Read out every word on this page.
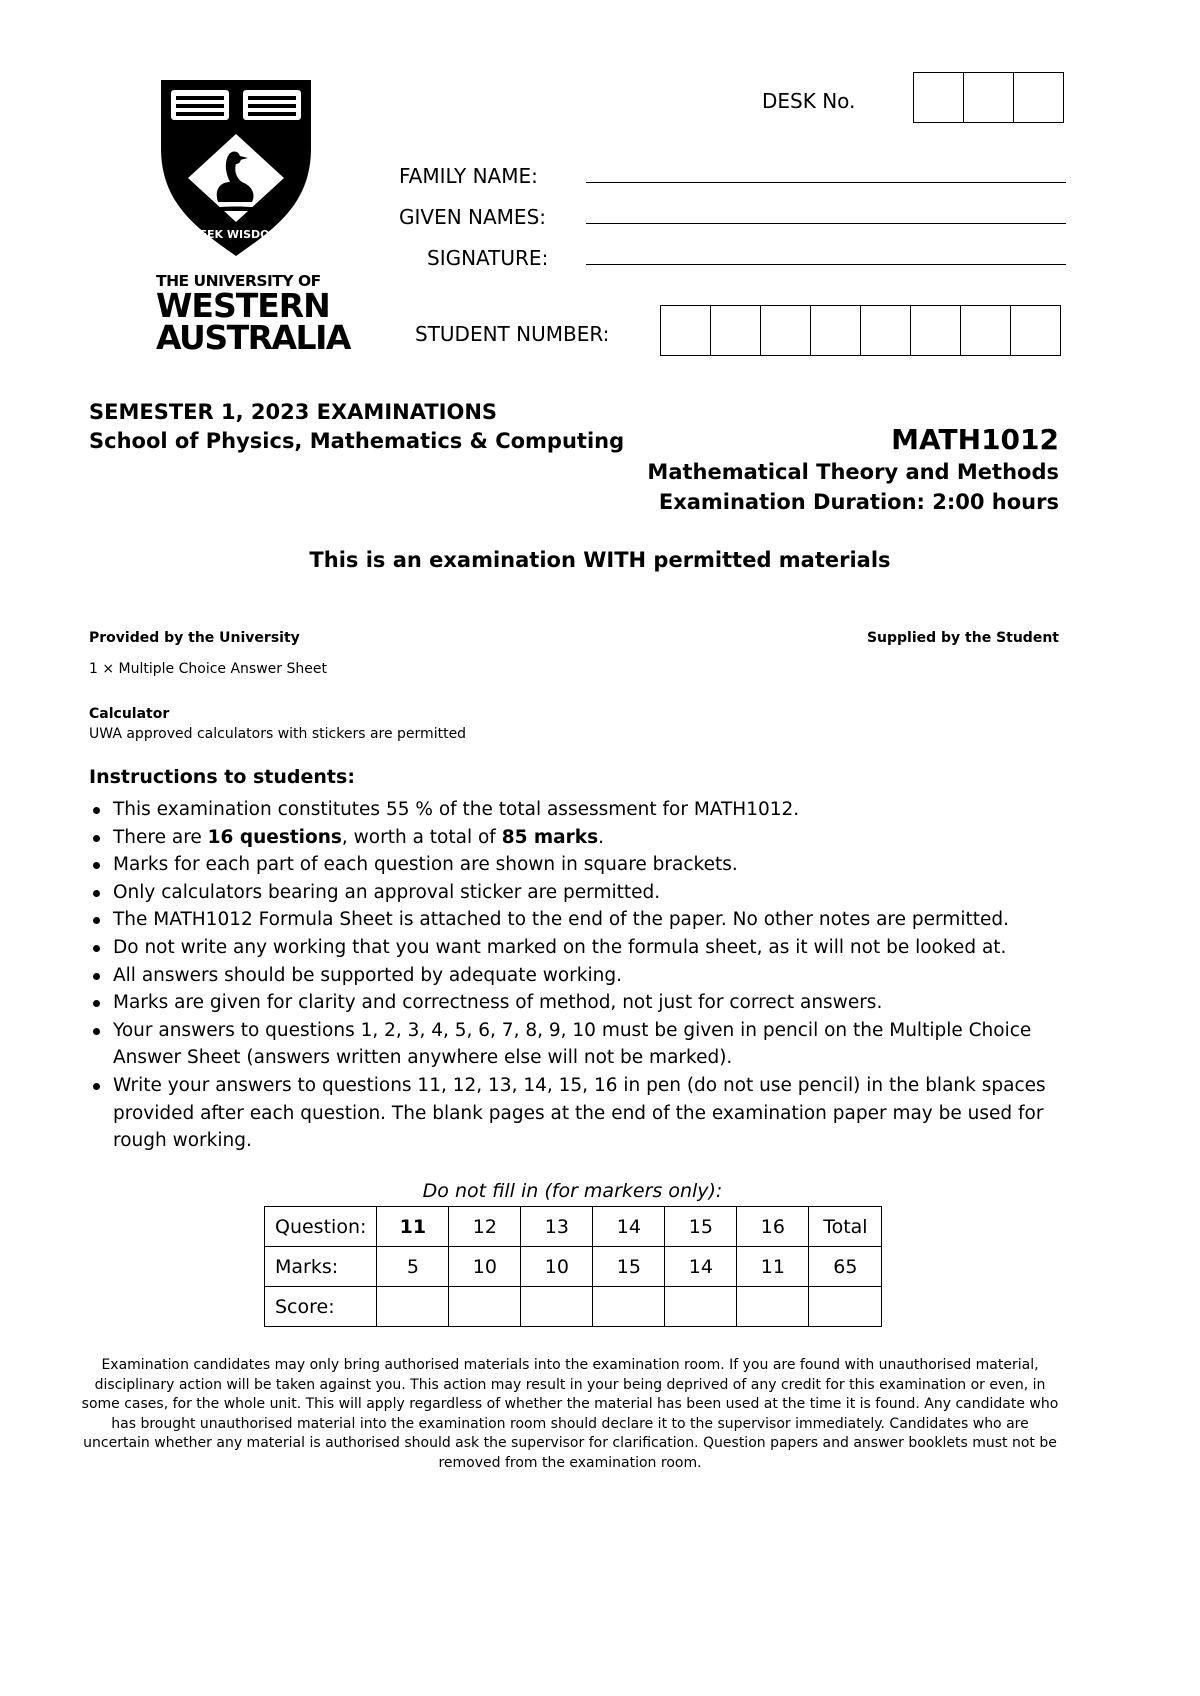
SEEK WISDOM
THE UNIVERSITY OF
WESTERN
AUSTRALIA
DESK No.
FAMILY NAME:
GIVEN NAMES:
SIGNATURE:
STUDENT NUMBER:
SEMESTER 1, 2023 EXAMINATIONS
School of Physics, Mathematics & Computing	MATH1012
Mathematical Theory and Methods
Examination Duration: 2:00 hours
This is an examination WITH permitted materials
Provided by the University	Supplied by the Student
1 × Multiple Choice Answer Sheet
Calculator
UWA approved calculators with stickers are permitted
Instructions to students:
This examination constitutes 55 % of the total assessment for MATH1012.
There are 16 questions, worth a total of 85 marks.
Marks for each part of each question are shown in square brackets.
Only calculators bearing an approval sticker are permitted.
The MATH1012 Formula Sheet is attached to the end of the paper. No other notes are permitted.
Do not write any working that you want marked on the formula sheet, as it will not be looked at.
All answers should be supported by adequate working.
Marks are given for clarity and correctness of method, not just for correct answers.
Your answers to questions 1, 2, 3, 4, 5, 6, 7, 8, 9, 10 must be given in pencil on the Multiple Choice Answer Sheet (answers written anywhere else will not be marked).
Write your answers to questions 11, 12, 13, 14, 15, 16 in pen (do not use pencil) in the blank spaces provided after each question. The blank pages at the end of the examination paper may be used for rough working.
Do not fill in (for markers only):
Question:	11	12	13	14	15	16	Total
Marks:	5	10	10	15	14	11	65
Score:							
Examination candidates may only bring authorised materials into the examination room. If you are found with unauthorised material, disciplinary action will be taken against you. This action may result in your being deprived of any credit for this examination or even, in some cases, for the whole unit. This will apply regardless of whether the material has been used at the time it is found. Any candidate who has brought unauthorised material into the examination room should declare it to the supervisor immediately. Candidates who are uncertain whether any material is authorised should ask the supervisor for clarification. Question papers and answer booklets must not be removed from the examination room.
